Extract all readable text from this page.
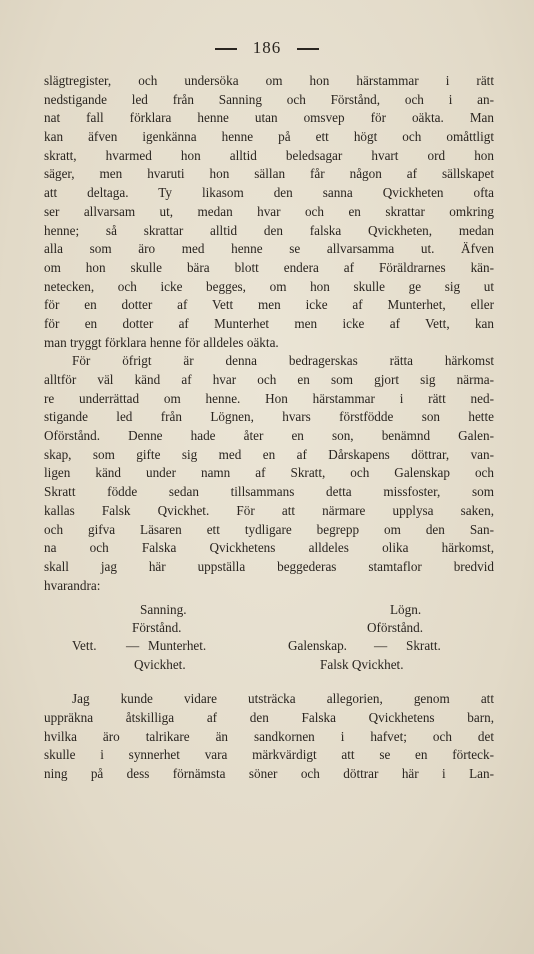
186
slägtregister, och undersöka om hon härstammar i rätt
nedstigande led från Sanning och Förstånd, och i an-
nat fall förklara henne utan omsvep för oäkta. Man
kan äfven igenkänna henne på ett högt och omåttligt
skratt, hvarmed hon alltid beledsagar hvart ord hon
säger, men hvaruti hon sällan får någon af sällskapet
att deltaga. Ty likasom den sanna Qvickheten ofta
ser allvarsam ut, medan hvar och en skrattar omkring
henne; så skrattar alltid den falska Qvickheten, medan
alla som äro med henne se allvarsamma ut. Äfven
om hon skulle bära blott endera af Föräldrarnes kän-
netecken, och icke begges, om hon skulle ge sig ut
för en dotter af Vett men icke af Munterhet, eller
för en dotter af Munterhet men icke af Vett, kan
man tryggt förklara henne för alldeles oäkta.
För öfrigt är denna bedragerskas rätta härkomst
alltför väl känd af hvar och en som gjort sig närma-
re underrättad om henne. Hon härstammar i rätt ned-
stigande led från Lögnen, hvars förstfödde son hette
Oförstånd. Denne hade åter en son, benämnd Galen-
skap, som gifte sig med en af Dårskapens döttrar, van-
ligen känd under namn af Skratt, och Galenskap och
Skratt födde sedan tillsammans detta missfoster, som
kallas Falsk Qvickhet. För att närmare upplysa saken,
och gifva Läsaren ett tydligare begrepp om den San-
na och Falska Qvickhetens alldeles olika härkomst,
skall jag här uppställa beggederas stamtaflor bredvid
hvarandra:
Sanning.
Förstånd.
Vett. — Munterhet.
Qvickhet.
Lögn.
Oförstånd.
Galenskap. — Skratt.
Falsk Qvickhet.
Jag kunde vidare utsträcka allegorien, genom att
uppräkna åtskilliga af den Falska Qvickhetens barn,
hvilka äro talrikare än sandkornen i hafvet; och det
skulle i synnerhet vara märkvärdigt att se en förteck-
ning på dess förnämsta söner och döttrar här i Lan-
